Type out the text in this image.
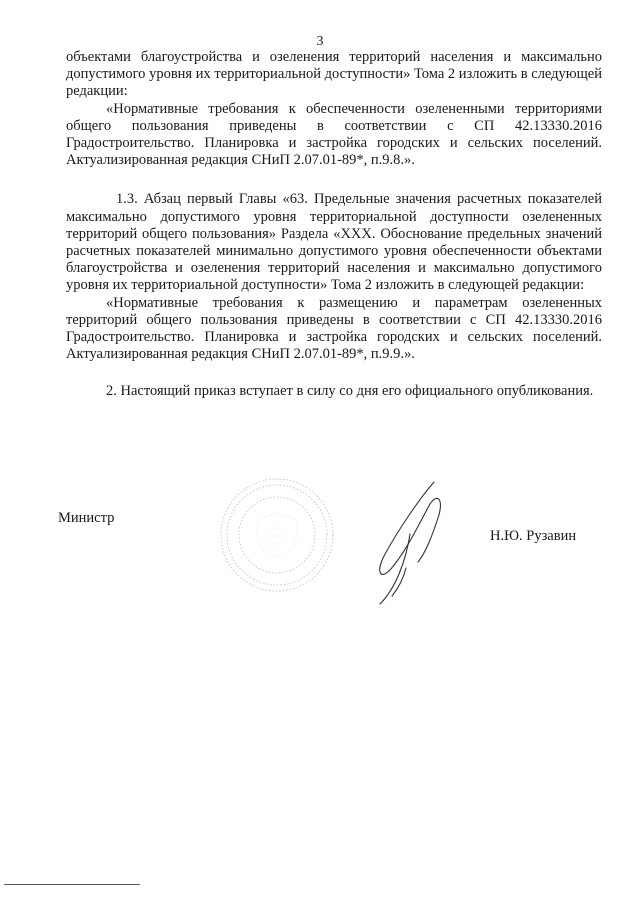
3

объектами благоустройства и озеленения территорий населения и максимально допустимого уровня их территориальной доступности» Тома 2 изложить в следующей редакции:

«Нормативные требования к обеспеченности озелененными территориями общего пользования приведены в соответствии с СП 42.13330.2016 Градостроительство. Планировка и застройка городских и сельских поселений. Актуализированная редакция СНиП 2.07.01-89*, п.9.8.».

1.3. Абзац первый Главы «63. Предельные значения расчетных показателей максимально допустимого уровня территориальной доступности озелененных территорий общего пользования» Раздела «XXX. Обоснование предельных значений расчетных показателей минимально допустимого уровня обеспеченности объектами благоустройства и озеленения территорий населения и максимально допустимого уровня их территориальной доступности» Тома 2 изложить в следующей редакции:

«Нормативные требования к размещению и параметрам озелененных территорий общего пользования приведены в соответствии с СП 42.13330.2016 Градостроительство. Планировка и застройка городских и сельских поселений. Актуализированная редакция СНиП 2.07.01-89*, п.9.9.».

2. Настоящий приказ вступает в силу со дня его официального опубликования.

Министр
Н.Ю. Рузавин
